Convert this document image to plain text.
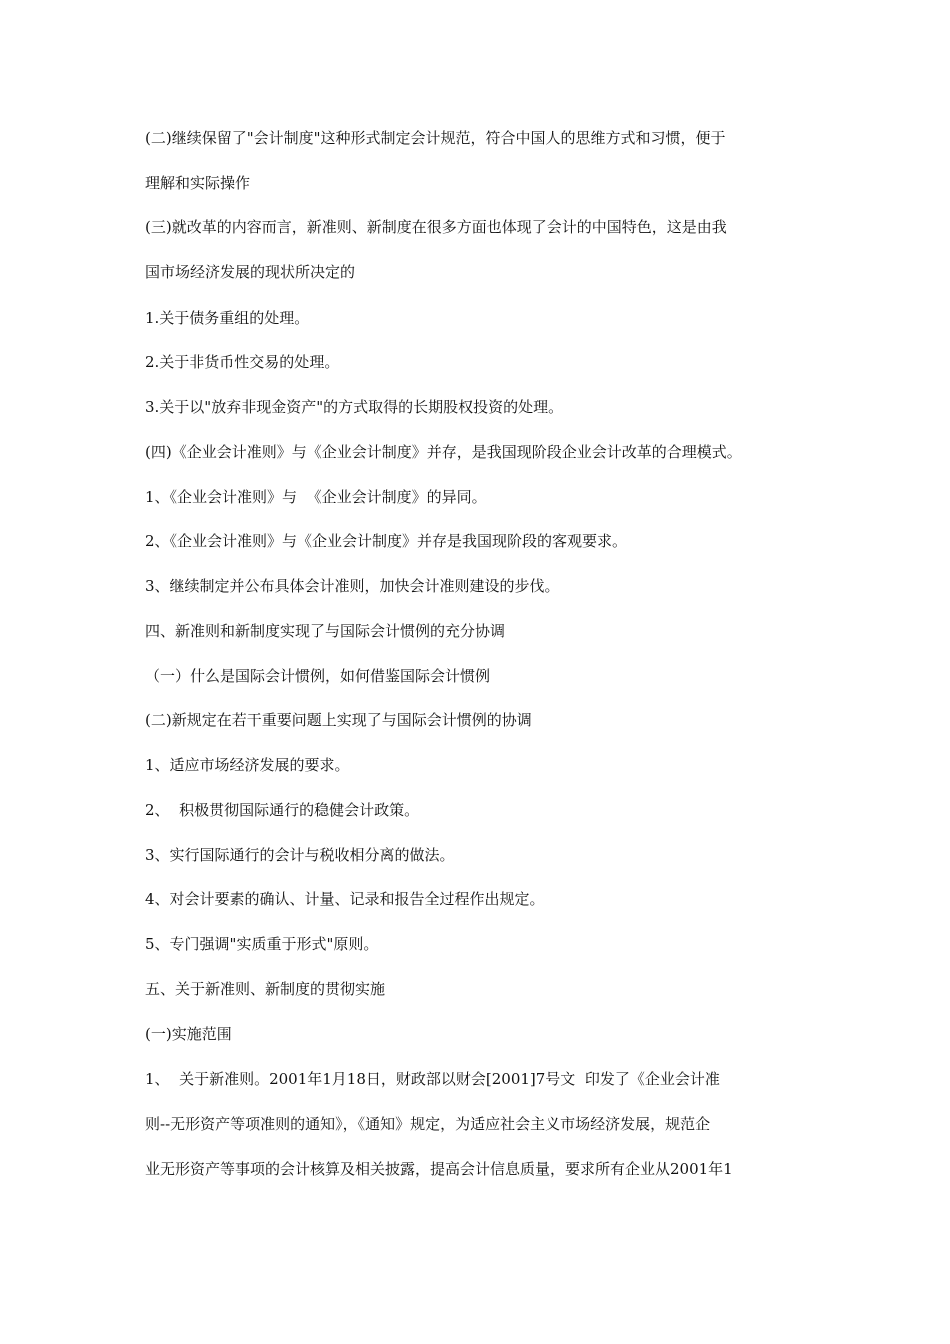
(二)继续保留了"会计制度"这种形式制定会计规范，符合中国人的思维方式和习惯，便于
理解和实际操作
(三)就改革的内容而言，新准则、新制度在很多方面也体现了会计的中国特色，这是由我
国市场经济发展的现状所决定的
1.关于债务重组的处理。
2.关于非货币性交易的处理。
3.关于以"放弃非现金资产"的方式取得的长期股权投资的处理。
(四)《企业会计准则》与《企业会计制度》并存，是我国现阶段企业会计改革的合理模式。
1、《企业会计准则》与  《企业会计制度》的异同。
2、《企业会计准则》与《企业会计制度》并存是我国现阶段的客观要求。
3、继续制定并公布具体会计准则，加快会计准则建设的步伐。
四、新准则和新制度实现了与国际会计惯例的充分协调
（一）什么是国际会计惯例，如何借鉴国际会计惯例
(二)新规定在若干重要问题上实现了与国际会计惯例的协调
1、适应市场经济发展的要求。
2、  积极贯彻国际通行的稳健会计政策。
3、实行国际通行的会计与税收相分离的做法。
4、对会计要素的确认、计量、记录和报告全过程作出规定。
5、专门强调"实质重于形式"原则。
五、关于新准则、新制度的贯彻实施
(一)实施范围
1、  关于新准则。2001年1月18日，财政部以财会[2001]7号文  印发了《企业会计准
则--无形资产等项准则的通知》，《通知》规定，为适应社会主义市场经济发展，规范企
业无形资产等事项的会计核算及相关披露，提高会计信息质量，要求所有企业从2001年1
